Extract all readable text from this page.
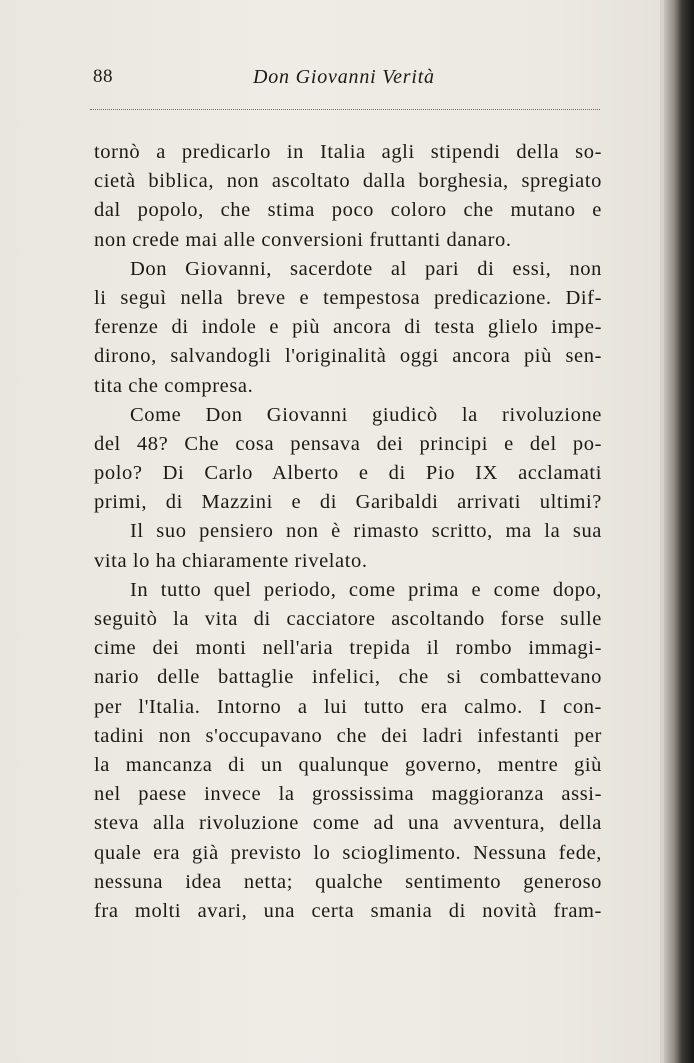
88	Don Giovanni Verità
tornò a predicarlo in Italia agli stipendi della so-
cietà biblica, non ascoltato dalla borghesia, spregiato
dal popolo, che stima poco coloro che mutano e
non crede mai alle conversioni fruttanti danaro.
Don Giovanni, sacerdote al pari di essi, non
li seguì nella breve e tempestosa predicazione. Dif-
ferenze di indole e più ancora di testa glielo impe-
dirono, salvandogli l'originalità oggi ancora più sen-
tita che compresa.
Come Don Giovanni giudicò la rivoluzione
del 48? Che cosa pensava dei principi e del po-
polo? Di Carlo Alberto e di Pio IX acclamati
primi, di Mazzini e di Garibaldi arrivati ultimi?
Il suo pensiero non è rimasto scritto, ma la sua
vita lo ha chiaramente rivelato.
In tutto quel periodo, come prima e come dopo,
seguitò la vita di cacciatore ascoltando forse sulle
cime dei monti nell'aria trepida il rombo immagi-
nario delle battaglie infelici, che si combattevano
per l'Italia. Intorno a lui tutto era calmo. I con-
tadini non s'occupavano che dei ladri infestanti per
la mancanza di un qualunque governo, mentre giù
nel paese invece la grossissima maggioranza assi-
steva alla rivoluzione come ad una avventura, della
quale era già previsto lo scioglimento. Nessuna fede,
nessuna idea netta; qualche sentimento generoso
fra molti avari, una certa smania di novità fram-
